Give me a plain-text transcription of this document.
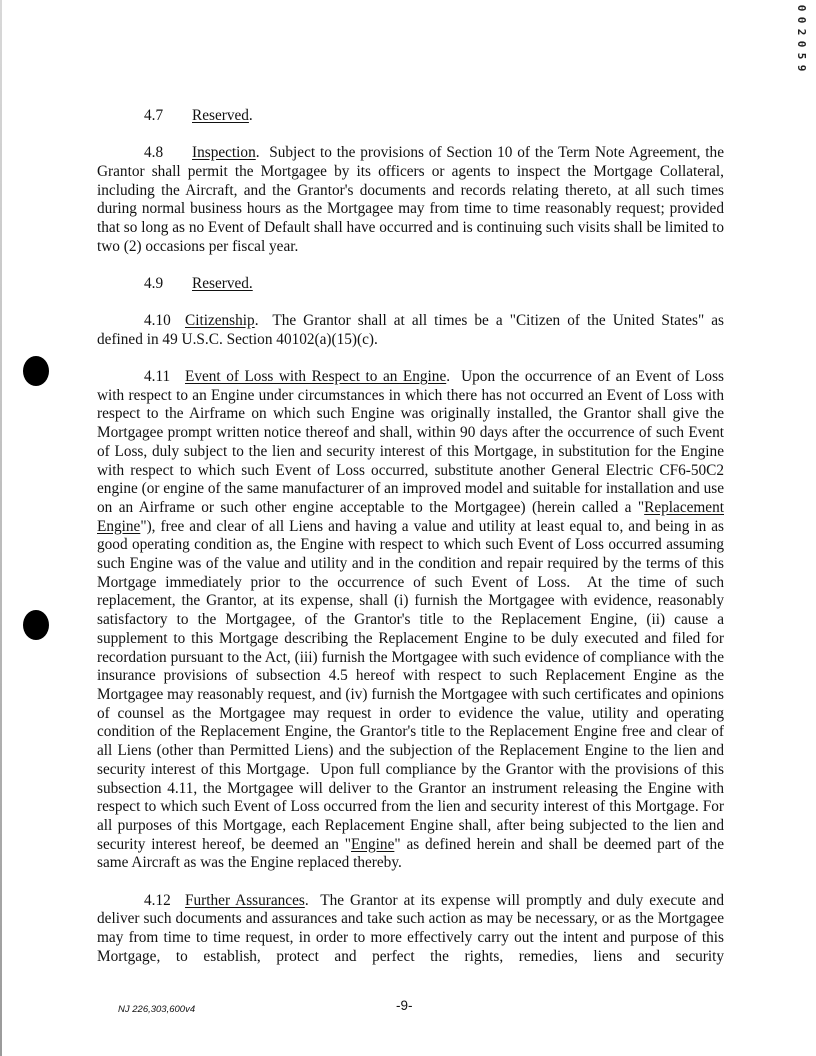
0
0
2
0
5
9

4.7 Reserved.

4.8 Inspection.  Subject to the provisions of Section 10 of the Term Note Agreement, the Grantor shall permit the Mortgagee by its officers or agents to inspect the Mortgage Collateral, including the Aircraft, and the Grantor's documents and records relating thereto, at all such times during normal business hours as the Mortgagee may from time to time reasonably request; provided that so long as no Event of Default shall have occurred and is continuing such visits shall be limited to two (2) occasions per fiscal year.

4.9 Reserved.

4.10 Citizenship.  The Grantor shall at all times be a "Citizen of the United States" as defined in 49 U.S.C. Section 40102(a)(15)(c).

4.11 Event of Loss with Respect to an Engine.  Upon the occurrence of an Event of Loss with respect to an Engine under circumstances in which there has not occurred an Event of Loss with respect to the Airframe on which such Engine was originally installed, the Grantor shall give the Mortgagee prompt written notice thereof and shall, within 90 days after the occurrence of such Event of Loss, duly subject to the lien and security interest of this Mortgage, in substitution for the Engine with respect to which such Event of Loss occurred, substitute another General Electric CF6-50C2 engine (or engine of the same manufacturer of an improved model and suitable for installation and use on an Airframe or such other engine acceptable to the Mortgagee) (herein called a "Replacement Engine"), free and clear of all Liens and having a value and utility at least equal to, and being in as good operating condition as, the Engine with respect to which such Event of Loss occurred assuming such Engine was of the value and utility and in the condition and repair required by the terms of this Mortgage immediately prior to the occurrence of such Event of Loss.  At the time of such replacement, the Grantor, at its expense, shall (i) furnish the Mortgagee with evidence, reasonably satisfactory to the Mortgagee, of the Grantor's title to the Replacement Engine, (ii) cause a supplement to this Mortgage describing the Replacement Engine to be duly executed and filed for recordation pursuant to the Act, (iii) furnish the Mortgagee with such evidence of compliance with the insurance provisions of subsection 4.5 hereof with respect to such Replacement Engine as the Mortgagee may reasonably request, and (iv) furnish the Mortgagee with such certificates and opinions of counsel as the Mortgagee may request in order to evidence the value, utility and operating condition of the Replacement Engine, the Grantor's title to the Replacement Engine free and clear of all Liens (other than Permitted Liens) and the subjection of the Replacement Engine to the lien and security interest of this Mortgage.  Upon full compliance by the Grantor with the provisions of this subsection 4.11, the Mortgagee will deliver to the Grantor an instrument releasing the Engine with respect to which such Event of Loss occurred from the lien and security interest of this Mortgage. For all purposes of this Mortgage, each Replacement Engine shall, after being subjected to the lien and security interest hereof, be deemed an "Engine" as defined herein and shall be deemed part of the same Aircraft as was the Engine replaced thereby.

4.12 Further Assurances.  The Grantor at its expense will promptly and duly execute and deliver such documents and assurances and take such action as may be necessary, or as the Mortgagee may from time to time request, in order to more effectively carry out the intent and purpose of this Mortgage, to establish, protect and perfect the rights, remedies, liens and security

NJ 226,303,600v4	-9-
